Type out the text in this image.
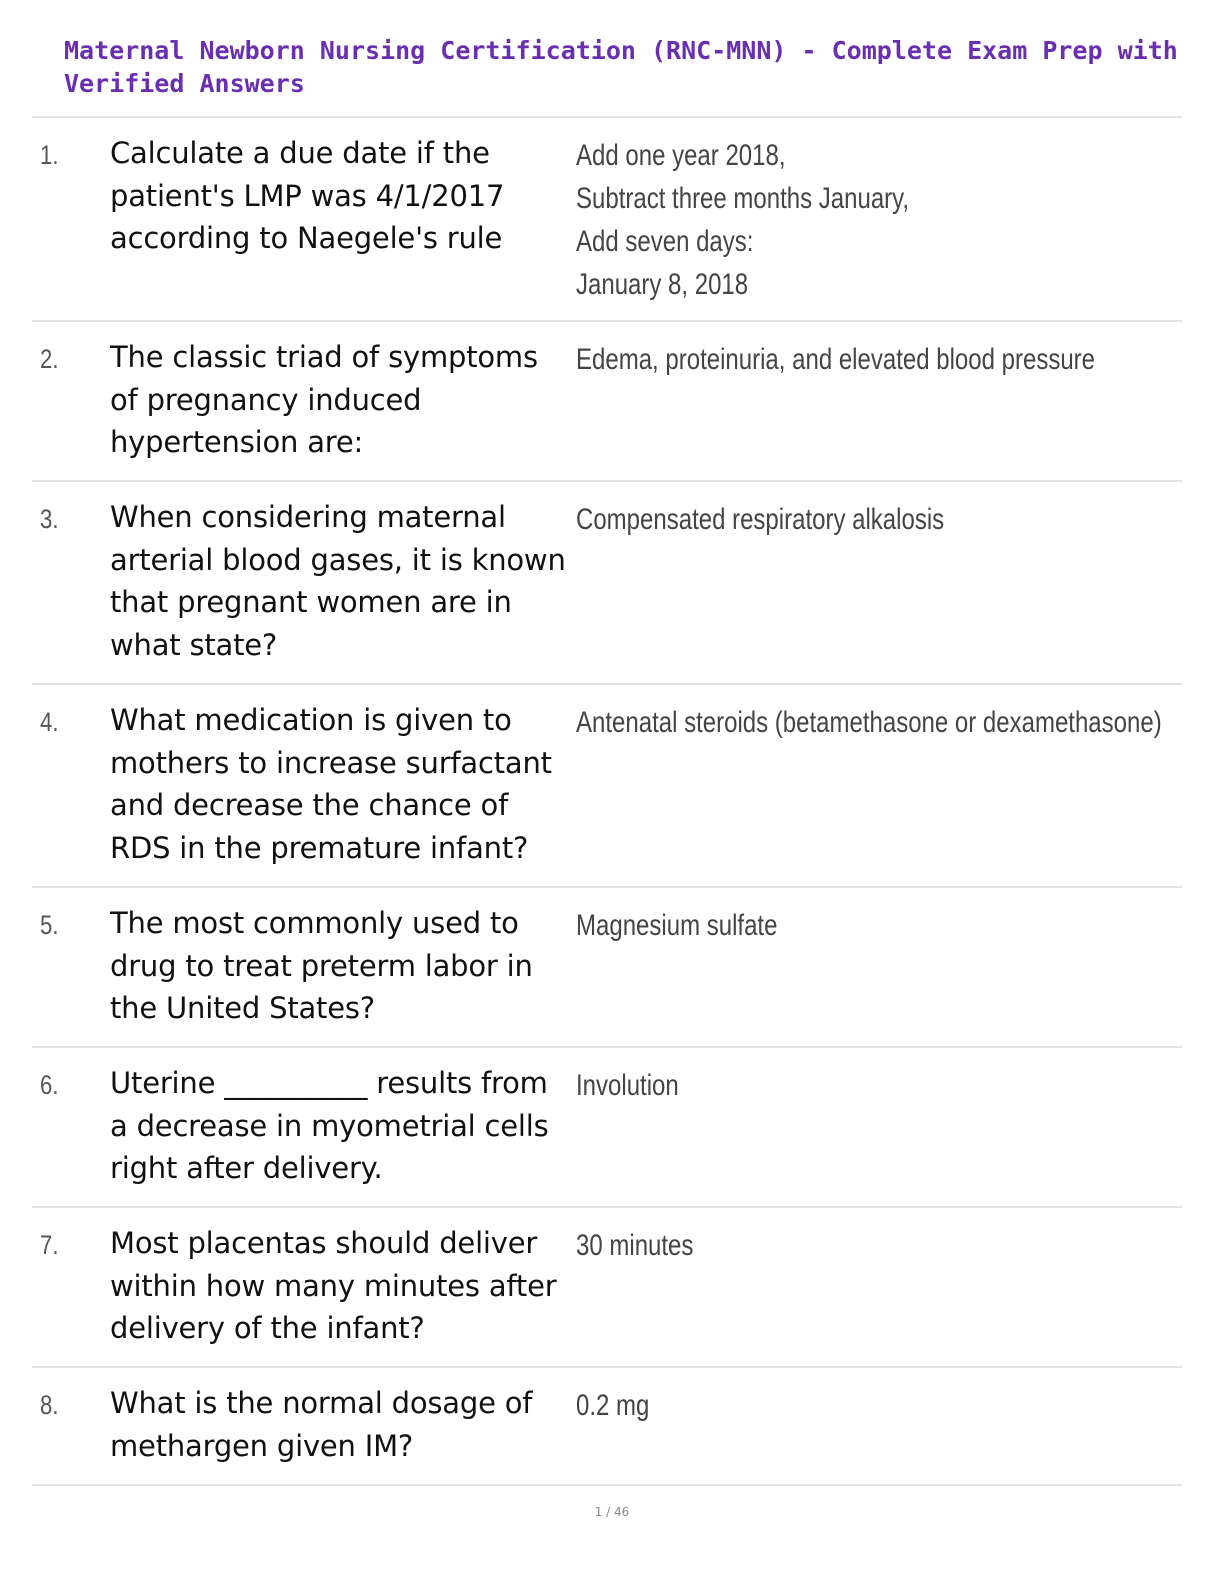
Maternal Newborn Nursing Certification (RNC-MNN) - Complete Exam Prep with Verified Answers
1. Calculate a due date if the patient's LMP was 4/1/2017 according to Naegele's rule
Add one year 2018,
Subtract three months January,
Add seven days:
January 8, 2018
2. The classic triad of symptoms of pregnancy induced hypertension are:
Edema, proteinuria, and elevated blood pressure
3. When considering maternal arterial blood gases, it is known that pregnant women are in what state?
Compensated respiratory alkalosis
4. What medication is given to mothers to increase surfactant and decrease the chance of RDS in the premature infant?
Antenatal steroids (betamethasone or dexamethasone)
5. The most commonly used to drug to treat preterm labor in the United States?
Magnesium sulfate
6. Uterine __________ results from a decrease in myometrial cells right after delivery.
Involution
7. Most placentas should deliver within how many minutes after delivery of the infant?
30 minutes
8. What is the normal dosage of methargen given IM?
0.2 mg
1 / 46
